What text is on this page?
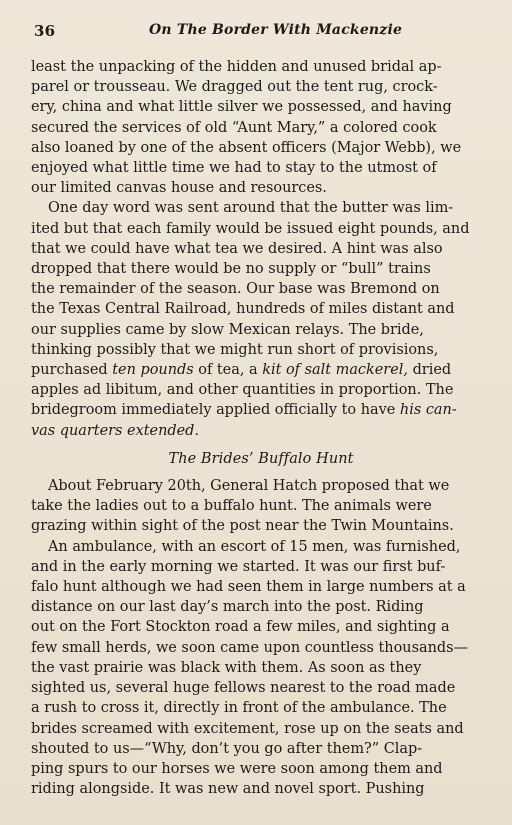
36	On The Border With Mackenzie
least the unpacking of the hidden and unused bridal ap-
parel or trousseau. We dragged out the tent rug, crock-
ery, china and what little silver we possessed, and having
secured the services of old “Aunt Mary,” a colored cook
also loaned by one of the absent officers (Major Webb), we
enjoyed what little time we had to stay to the utmost of
our limited canvas house and resources.
One day word was sent around that the butter was lim-
ited but that each family would be issued eight pounds, and
that we could have what tea we desired. A hint was also
dropped that there would be no supply or “bull” trains
the remainder of the season. Our base was Bremond on
the Texas Central Railroad, hundreds of miles distant and
our supplies came by slow Mexican relays. The bride,
thinking possibly that we might run short of provisions,
purchased ten pounds of tea, a kit of salt mackerel, dried
apples ad libitum, and other quantities in proportion. The
bridegroom immediately applied officially to have his can-
vas quarters extended.
The Brides’ Buffalo Hunt
About February 20th, General Hatch proposed that we
take the ladies out to a buffalo hunt. The animals were
grazing within sight of the post near the Twin Mountains.
An ambulance, with an escort of 15 men, was furnished,
and in the early morning we started. It was our first buf-
falo hunt although we had seen them in large numbers at a
distance on our last day’s march into the post. Riding
out on the Fort Stockton road a few miles, and sighting a
few small herds, we soon came upon countless thousands—
the vast prairie was black with them. As soon as they
sighted us, several huge fellows nearest to the road made
a rush to cross it, directly in front of the ambulance. The
brides screamed with excitement, rose up on the seats and
shouted to us—“Why, don’t you go after them?” Clap-
ping spurs to our horses we were soon among them and
riding alongside. It was new and novel sport. Pushing
